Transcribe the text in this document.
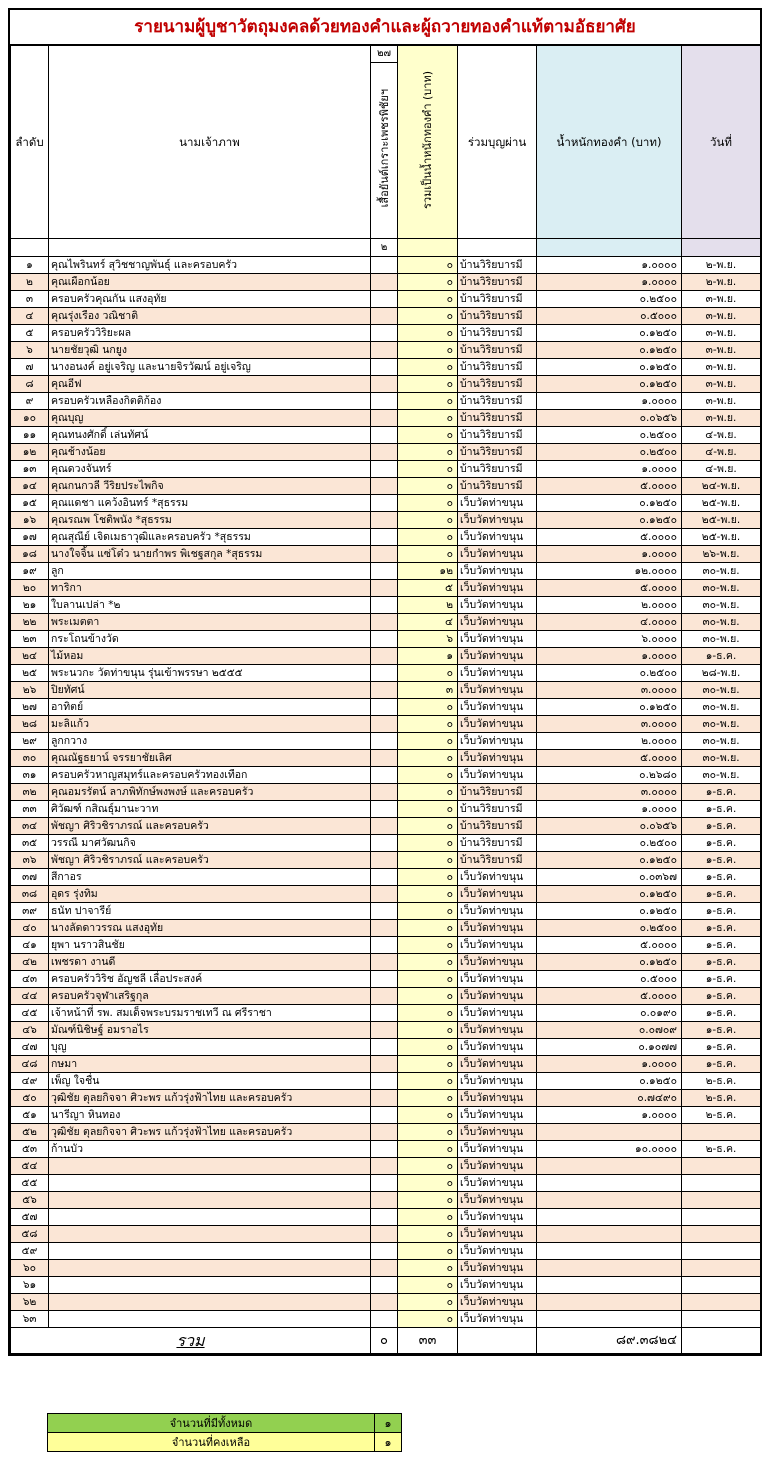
รายนามผู้บูชาวัตถุมงคลด้วยทองคำและผู้ถวายทองคำแท้ตามอัธยาศัย
ลำดับ	นามเจ้าภาพ	๒๗	รวมเป็นน้ำหนักทองคำ (บาท)	ร่วมบุญผ่าน	น้ำหนักทองคำ (บาท)	วันที่
		เสื้อยันต์เกราะเพชรพิชัยฯ				
		๒				
๑	คุณไพรินทร์ สุวิชชาญพันธุ์ และครอบครัว		๐	บ้านวิริยบารมี	๑.๐๐๐๐	๒-พ.ย.
๒	คุณเผือกน้อย		๐	บ้านวิริยบารมี	๑.๐๐๐๐	๒-พ.ย.
๓	ครอบครัวคุณกัน แสงอุทัย		๐	บ้านวิริยบารมี	๐.๒๕๐๐	๓-พ.ย.
๔	คุณรุ่งเรือง วณิชาติ		๐	บ้านวิริยบารมี	๐.๕๐๐๐	๓-พ.ย.
๕	ครอบครัววิริยะผล		๐	บ้านวิริยบารมี	๐.๑๒๕๐	๓-พ.ย.
๖	นายชัยวุฒิ นกยูง		๐	บ้านวิริยบารมี	๐.๑๒๕๐	๓-พ.ย.
๗	นางอนงค์ อยู่เจริญ และนายจิรวัฒน์ อยู่เจริญ		๐	บ้านวิริยบารมี	๐.๑๒๕๐	๓-พ.ย.
๘	คุณอีฟ		๐	บ้านวิริยบารมี	๐.๑๒๕๐	๓-พ.ย.
๙	ครอบครัวเหลืองกิตติก้อง		๐	บ้านวิริยบารมี	๑.๐๐๐๐	๓-พ.ย.
๑๐	คุณบุญ		๐	บ้านวิริยบารมี	๐.๐๖๕๖	๓-พ.ย.
๑๑	คุณทนงศักดิ์ เล่นทัศน์		๐	บ้านวิริยบารมี	๐.๒๕๐๐	๔-พ.ย.
๑๒	คุณช้างน้อย		๐	บ้านวิริยบารมี	๐.๒๕๐๐	๔-พ.ย.
๑๓	คุณดวงจันทร์		๐	บ้านวิริยบารมี	๑.๐๐๐๐	๔-พ.ย.
๑๔	คุณกนกวลี วีริยประไพกิจ		๐	บ้านวิริยบารมี	๕.๐๐๐๐	๒๔-พ.ย.
๑๕	คุณแดชา แคว้งอินทร์ *สุธรรม		๐	เว็บวัดท่าขนุน	๐.๑๒๕๐	๒๕-พ.ย.
๑๖	คุณรณพ โชติพนัง *สุธรรม		๐	เว็บวัดท่าขนุน	๐.๑๒๕๐	๒๕-พ.ย.
๑๗	คุณสุณีย์ เจิดเมธาวุฒิและครอบครัว *สุธรรม		๐	เว็บวัดท่าขนุน	๕.๐๐๐๐	๒๕-พ.ย.
๑๘	นางใจจิ้น แซ่โต๋ว นายกำพร พิเชฐสกุล *สุธรรม		๐	เว็บวัดท่าขนุน	๑.๐๐๐๐	๒๖-พ.ย.
๑๙	ลูก		๑๒	เว็บวัดท่าขนุน	๑๒.๐๐๐๐	๓๐-พ.ย.
๒๐	ทาริกา		๕	เว็บวัดท่าขนุน	๕.๐๐๐๐	๓๐-พ.ย.
๒๑	ใบลานเปล่า *๒		๒	เว็บวัดท่าขนุน	๒.๐๐๐๐	๓๐-พ.ย.
๒๒	พระเมตตา		๔	เว็บวัดท่าขนุน	๔.๐๐๐๐	๓๐-พ.ย.
๒๓	กระโถนข้างวัด		๖	เว็บวัดท่าขนุน	๖.๐๐๐๐	๓๐-พ.ย.
๒๔	ไม้หอม		๑	เว็บวัดท่าขนุน	๑.๐๐๐๐	๑-ธ.ค.
๒๕	พระนวกะ วัดท่าขนุน รุ่นเข้าพรรษา ๒๕๕๕		๐	เว็บวัดท่าขนุน	๐.๒๕๐๐	๒๘-พ.ย.
๒๖	ปิยทัศน์		๓	เว็บวัดท่าขนุน	๓.๐๐๐๐	๓๐-พ.ย.
๒๗	อาทิตย์		๐	เว็บวัดท่าขนุน	๐.๑๒๕๐	๓๐-พ.ย.
๒๘	มะลิแก้ว		๐	เว็บวัดท่าขนุน	๓.๐๐๐๐	๓๐-พ.ย.
๒๙	ลูกกวาง		๐	เว็บวัดท่าขนุน	๒.๐๐๐๐	๓๐-พ.ย.
๓๐	คุณณัฐธยาน์ จรรยาชัยเลิศ		๐	เว็บวัดท่าขนุน	๕.๐๐๐๐	๓๐-พ.ย.
๓๑	ครอบครัวหาญสมุทร์และครอบครัวทองเทือก		๐	เว็บวัดท่าขนุน	๐.๒๖๘๐	๓๐-พ.ย.
๓๒	คุณอมรรัตน์ ลาภพิทักษ์พงพงษ์ และครอบครัว		๐	บ้านวิริยบารมี	๓.๐๐๐๐	๑-ธ.ค.
๓๓	ศิวัฒฑ์ กสิณธุ์มานะวาท		๐	บ้านวิริยบารมี	๑.๐๐๐๐	๑-ธ.ค.
๓๔	พัชญา ศิริวชิราภรณ์ และครอบครัว		๐	บ้านวิริยบารมี	๐.๐๖๕๖	๑-ธ.ค.
๓๕	วรรณี มาศวัฒนกิจ		๐	บ้านวิริยบารมี	๐.๒๕๐๐	๑-ธ.ค.
๓๖	พัชญา ศิริวชิราภรณ์ และครอบครัว		๐	บ้านวิริยบารมี	๐.๑๒๕๐	๑-ธ.ค.
๓๗	สีกาอร		๐	เว็บวัดท่าขนุน	๐.๐๓๖๗	๑-ธ.ค.
๓๘	อุดร รุ่งทิม		๐	เว็บวัดท่าขนุน	๐.๑๒๕๐	๑-ธ.ค.
๓๙	ธนัท ปาจารีย์		๐	เว็บวัดท่าขนุน	๐.๑๒๕๐	๑-ธ.ค.
๔๐	นางลัดดาวรรณ แสงอุทัย		๐	เว็บวัดท่าขนุน	๐.๒๕๐๐	๑-ธ.ค.
๔๑	ยุพา นราวสินชัย		๐	เว็บวัดท่าขนุน	๕.๐๐๐๐	๑-ธ.ค.
๔๒	เพชรดา งานดี		๐	เว็บวัดท่าขนุน	๐.๑๒๕๐	๑-ธ.ค.
๔๓	ครอบครัววิริช อัญชลี เลื่อประสงค์		๐	เว็บวัดท่าขนุน	๐.๕๐๐๐	๑-ธ.ค.
๔๔	ครอบครัวจุฬาเสริฐกุล		๐	เว็บวัดท่าขนุน	๕.๐๐๐๐	๑-ธ.ค.
๔๕	เจ้าหน้าที่ รพ. สมเด็จพระบรมราชเทวี ณ ศรีราชา		๐	เว็บวัดท่าขนุน	๐.๐๑๙๐	๑-ธ.ค.
๔๖	มัณฑ์นิชิษฐ์ อมราอไร		๐	เว็บวัดท่าขนุน	๐.๐๗๐๙	๑-ธ.ค.
๔๗	บุญ		๐	เว็บวัดท่าขนุน	๐.๑๐๗๗	๑-ธ.ค.
๔๘	กษมา		๐	เว็บวัดท่าขนุน	๑.๐๐๐๐	๑-ธ.ค.
๔๙	เพ็ญ ใจชื่น		๐	เว็บวัดท่าขนุน	๐.๑๒๕๐	๒-ธ.ค.
๕๐	วุฒิชัย ตุลยกิจจา ศิวะพร แก้วรุ่งฟ้าไทย และครอบครัว		๐	เว็บวัดท่าขนุน	๐.๗๔๙๐	๒-ธ.ค.
๕๑	นารีญา หินทอง		๐	เว็บวัดท่าขนุน	๑.๐๐๐๐	๒-ธ.ค.
๕๒	วุฒิชัย ตุลยกิจจา ศิวะพร แก้วรุ่งฟ้าไทย และครอบครัว		๐	เว็บวัดท่าขนุน		
๕๓	ก้านบัว		๐	เว็บวัดท่าขนุน	๑๐.๐๐๐๐	๒-ธ.ค.
๕๔			๐	เว็บวัดท่าขนุน		
๕๕			๐	เว็บวัดท่าขนุน		
๕๖			๐	เว็บวัดท่าขนุน		
๕๗			๐	เว็บวัดท่าขนุน		
๕๘			๐	เว็บวัดท่าขนุน		
๕๙			๐	เว็บวัดท่าขนุน		
๖๐			๐	เว็บวัดท่าขนุน		
๖๑			๐	เว็บวัดท่าขนุน		
๖๒			๐	เว็บวัดท่าขนุน		
๖๓			๐	เว็บวัดท่าขนุน		
รวม		๐	๓๓		๘๙.๓๘๒๔	
จำนวนที่มีทั้งหมด	๑
จำนวนที่คงเหลือ	๑
